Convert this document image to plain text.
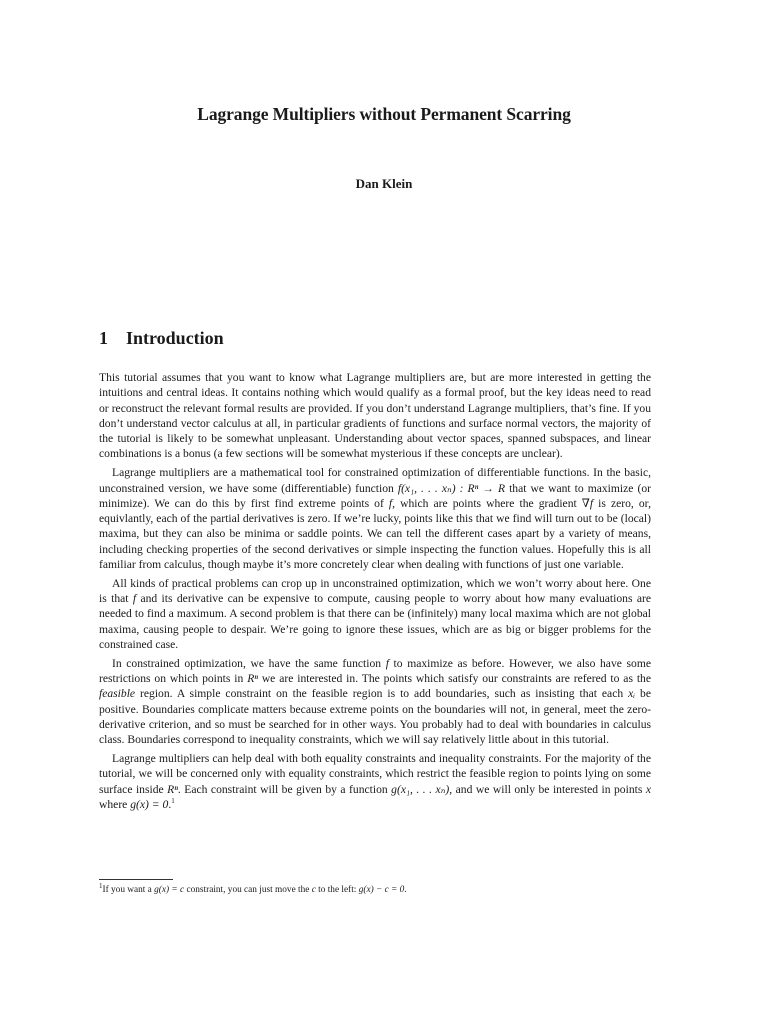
Lagrange Multipliers without Permanent Scarring
Dan Klein
1 Introduction

This tutorial assumes that you want to know what Lagrange multipliers are, but are more interested in getting the intuitions and central ideas. It contains nothing which would qualify as a formal proof, but the key ideas need to read or reconstruct the relevant formal results are provided. If you don’t understand Lagrange multipliers, that’s fine. If you don’t understand vector calculus at all, in particular gradients of functions and surface normal vectors, the majority of the tutorial is likely to be somewhat unpleasant. Understanding about vector spaces, spanned subspaces, and linear combinations is a bonus (a few sections will be somewhat mysterious if these concepts are unclear).

Lagrange multipliers are a mathematical tool for constrained optimization of differentiable functions. In the basic, unconstrained version, we have some (differentiable) function f(x₁, . . . xₙ) : Rⁿ → R that we want to maximize (or minimize). We can do this by first find extreme points of f, which are points where the gradient ∇f is zero, or, equivlantly, each of the partial derivatives is zero. If we’re lucky, points like this that we find will turn out to be (local) maxima, but they can also be minima or saddle points. We can tell the different cases apart by a variety of means, including checking properties of the second derivatives or simple inspecting the function values. Hopefully this is all familiar from calculus, though maybe it’s more concretely clear when dealing with functions of just one variable.

All kinds of practical problems can crop up in unconstrained optimization, which we won’t worry about here. One is that f and its derivative can be expensive to compute, causing people to worry about how many evaluations are needed to find a maximum. A second problem is that there can be (infinitely) many local maxima which are not global maxima, causing people to despair. We’re going to ignore these issues, which are as big or bigger problems for the constrained case.

In constrained optimization, we have the same function f to maximize as before. However, we also have some restrictions on which points in Rⁿ we are interested in. The points which satisfy our constraints are refered to as the feasible region. A simple constraint on the feasible region is to add boundaries, such as insisting that each xᵢ be positive. Boundaries complicate matters because extreme points on the boundaries will not, in general, meet the zero-derivative criterion, and so must be searched for in other ways. You probably had to deal with boundaries in calculus class. Boundaries correspond to inequality constraints, which we will say relatively little about in this tutorial.

Lagrange multipliers can help deal with both equality constraints and inequality constraints. For the majority of the tutorial, we will be concerned only with equality constraints, which restrict the feasible region to points lying on some surface inside Rⁿ. Each constraint will be given by a function g(x₁, . . . xₙ), and we will only be interested in points x where g(x) = 0.$^1$

$^1$If you want a g(x) = c constraint, you can just move the c to the left: g(x) − c = 0.
